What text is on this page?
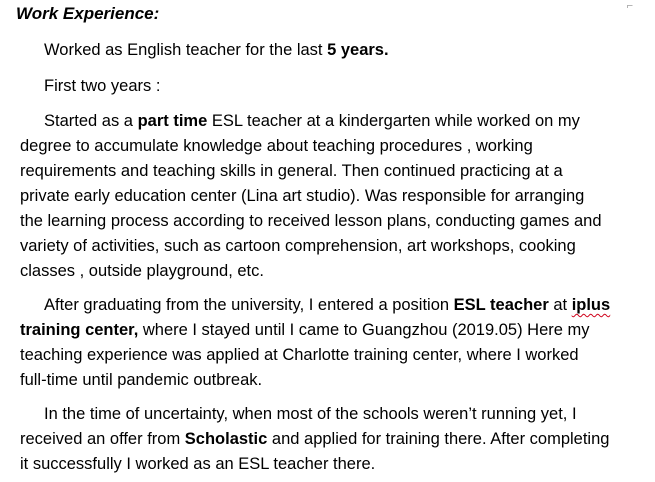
⌐
Work Experience:
Worked as English teacher for the last 5 years.
First two years :
Started as a part time ESL teacher at a kindergarten while worked on my
degree to accumulate knowledge about teaching procedures , working
requirements and teaching skills in general. Then continued practicing at a
private early education center (Lina art studio). Was responsible for arranging
the learning process according to received lesson plans, conducting games and
variety of activities, such as cartoon comprehension, art workshops, cooking
classes , outside playground, etc.
After graduating from the university, I entered a position ESL teacher at iplus
training center, where I stayed until I came to Guangzhou (2019.05) Here my
teaching experience was applied at Charlotte training center, where I worked
full-time until pandemic outbreak.
In the time of uncertainty, when most of the schools weren’t running yet, I
received an offer from Scholastic and applied for training there. After completing
it successfully I worked as an ESL teacher there.
